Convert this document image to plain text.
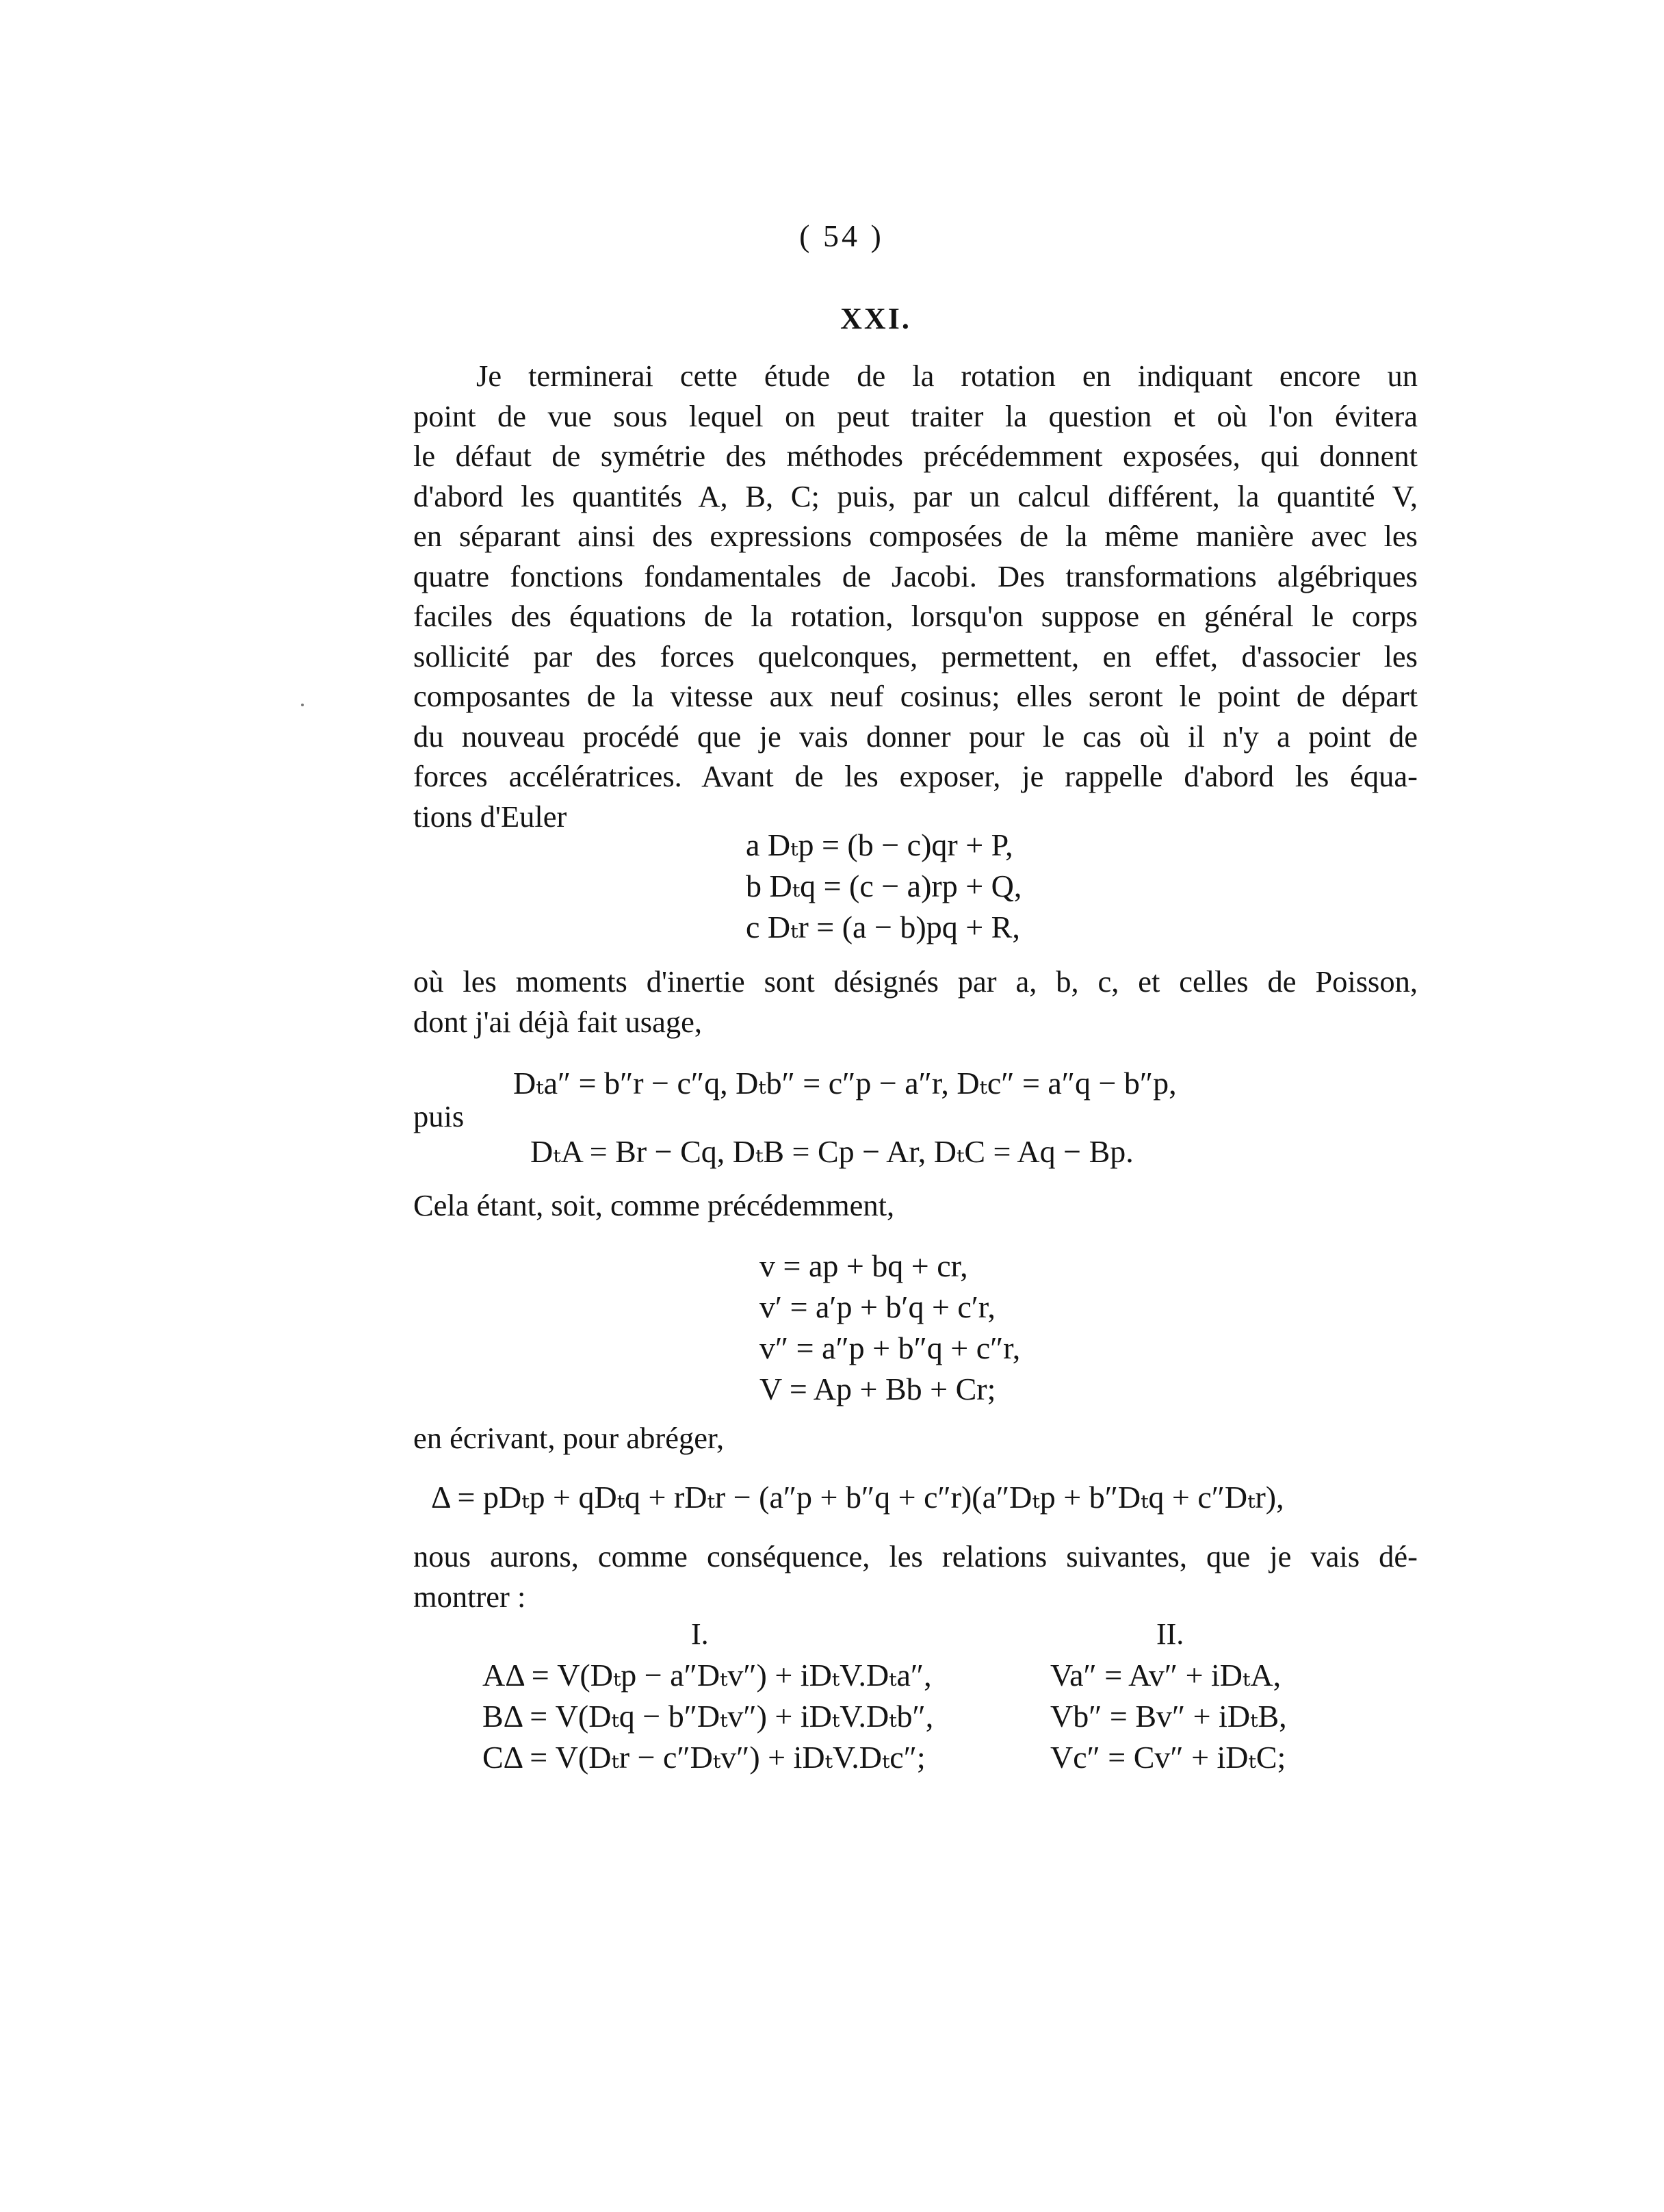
( 54 )
XXI.
Je terminerai cette étude de la rotation en indiquant encore un
point de vue sous lequel on peut traiter la question et où l'on évitera
le défaut de symétrie des méthodes précédemment exposées, qui donnent
d'abord les quantités A, B, C; puis, par un calcul différent, la quantité V,
en séparant ainsi des expressions composées de la même manière avec les
quatre fonctions fondamentales de Jacobi. Des transformations algébriques
faciles des équations de la rotation, lorsqu'on suppose en général le corps
sollicité par des forces quelconques, permettent, en effet, d'associer les
composantes de la vitesse aux neuf cosinus; elles seront le point de départ
du nouveau procédé que je vais donner pour le cas où il n'y a point de
forces accélératrices. Avant de les exposer, je rappelle d'abord les équa-
tions d'Euler
a Dₜp = (b − c)qr + P,
b Dₜq = (c − a)rp + Q,
c Dₜr = (a − b)pq + R,
où les moments d'inertie sont désignés par a, b, c, et celles de Poisson,
dont j'ai déjà fait usage,
Dₜa″ = b″r − c″q, Dₜb″ = c″p − a″r, Dₜc″ = a″q − b″p,
puis
DₜA = Br − Cq, DₜB = Cp − Ar, DₜC = Aq − Bp.
Cela étant, soit, comme précédemment,
v = ap + bq + cr,
v′ = a′p + b′q + c′r,
v″ = a″p + b″q + c″r,
V = Ap + Bb + Cr;
en écrivant, pour abréger,
Δ = pDₜp + qDₜq + rDₜr − (a″p + b″q + c″r)(a″Dₜp + b″Dₜq + c″Dₜr),
nous aurons, comme conséquence, les relations suivantes, que je vais dé-
montrer :
I.	II.
AΔ = V(Dₜp − a″Dₜv″) + iDₜV.Dₜa″,
BΔ = V(Dₜq − b″Dₜv″) + iDₜV.Dₜb″,
CΔ = V(Dₜr − c″Dₜv″) + iDₜV.Dₜc″;
Va″ = Av″ + iDₜA,
Vb″ = Bv″ + iDₜB,
Vc″ = Cv″ + iDₜC;
